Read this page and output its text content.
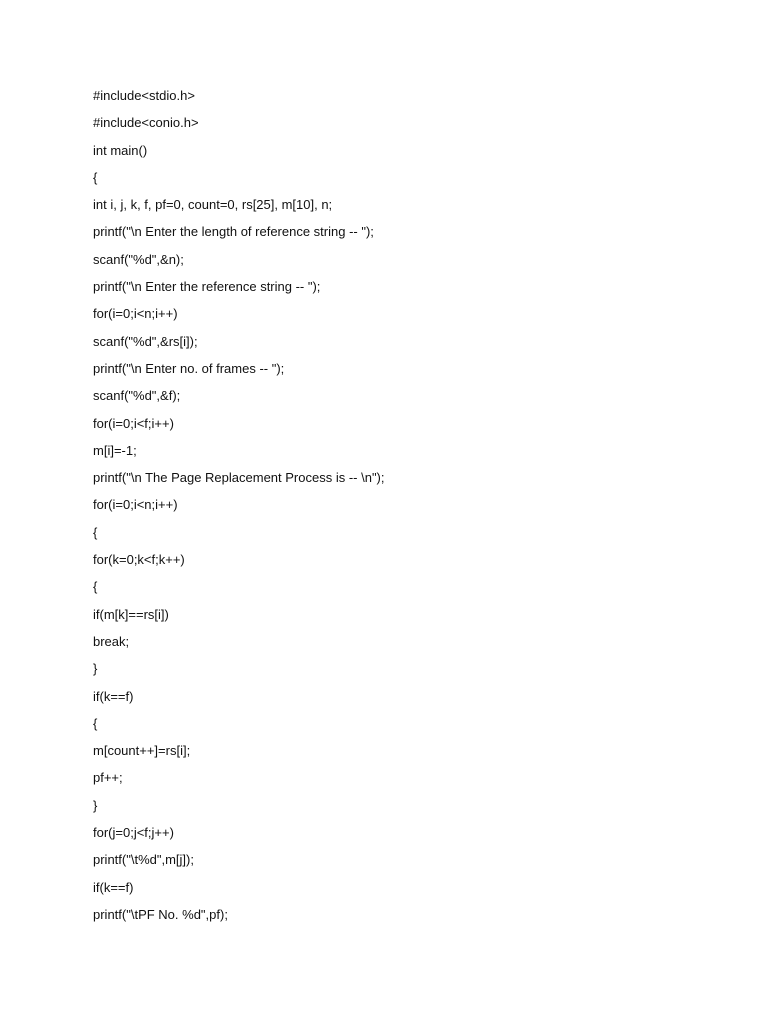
#include<stdio.h>
#include<conio.h>
int main()
{
int i, j, k, f, pf=0, count=0, rs[25], m[10], n;
printf("\n Enter the length of reference string -- ");
scanf("%d",&n);
printf("\n Enter the reference string -- ");
for(i=0;i<n;i++)
scanf("%d",&rs[i]);
printf("\n Enter no. of frames -- ");
scanf("%d",&f);
for(i=0;i<f;i++)
m[i]=-1;
printf("\n The Page Replacement Process is -- \n");
for(i=0;i<n;i++)
{
for(k=0;k<f;k++)
{
if(m[k]==rs[i])
break;
}
if(k==f)
{
m[count++]=rs[i];
pf++;
}
for(j=0;j<f;j++)
printf("\t%d",m[j]);
if(k==f)
printf("\tPF No. %d",pf);
